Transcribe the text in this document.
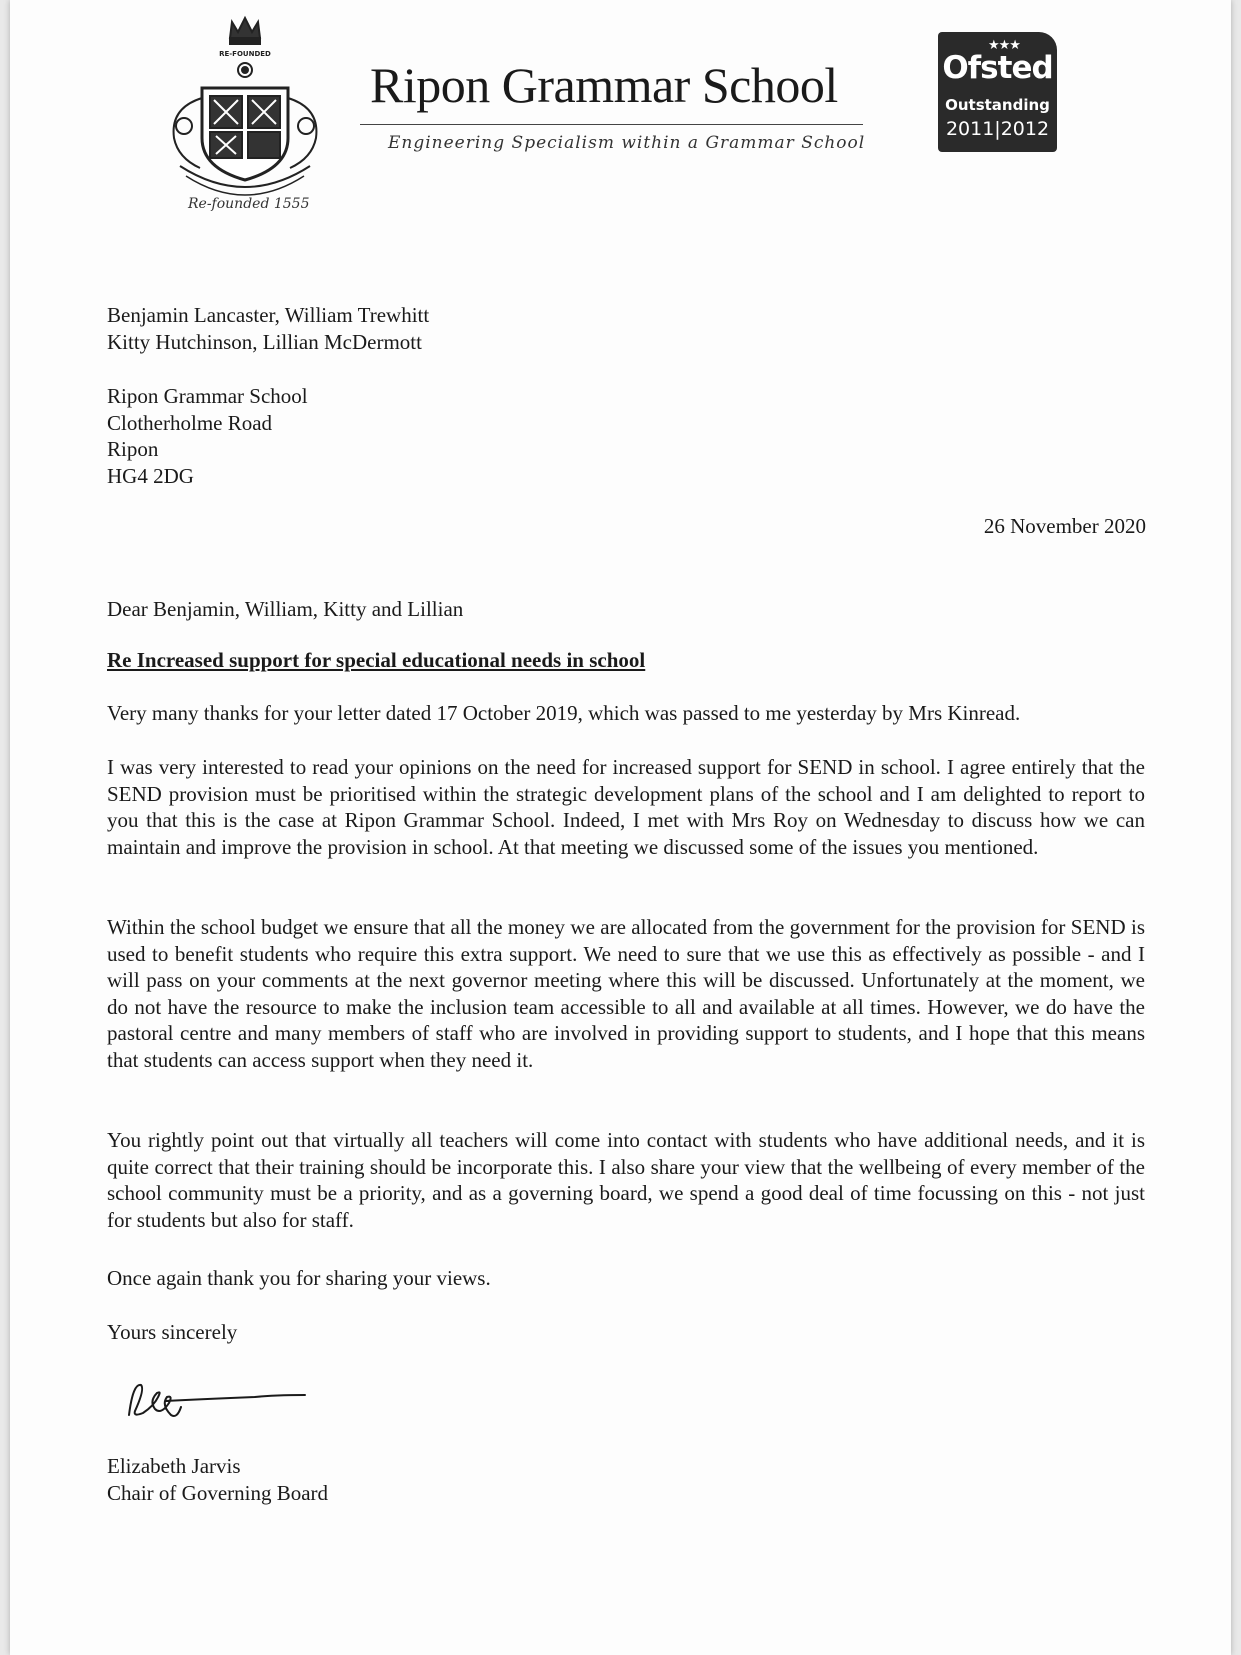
RE-FOUNDED
Re-founded 1555
Ripon Grammar School
Engineering Specialism within a Grammar School
★★★
Ofsted
Outstanding
2011|2012
Benjamin Lancaster, William Trewhitt
Kitty Hutchinson, Lillian McDermott
Ripon Grammar School
Clotherholme Road
Ripon
HG4 2DG
26 November 2020
Dear Benjamin, William, Kitty and Lillian
Re Increased support for special educational needs in school
Very many thanks for your letter dated 17 October 2019, which was passed to me yesterday by Mrs Kinread.
I was very interested to read your opinions on the need for increased support for SEND in school. I agree entirely that the SEND provision must be prioritised within the strategic development plans of the school and I am delighted to report to you that this is the case at Ripon Grammar School. Indeed, I met with Mrs Roy on Wednesday to discuss how we can maintain and improve the provision in school. At that meeting we discussed some of the issues you mentioned.
Within the school budget we ensure that all the money we are allocated from the government for the provision for SEND is used to benefit students who require this extra support. We need to sure that we use this as effectively as possible - and I will pass on your comments at the next governor meeting where this will be discussed. Unfortunately at the moment, we do not have the resource to make the inclusion team accessible to all and available at all times. However, we do have the pastoral centre and many members of staff who are involved in providing support to students, and I hope that this means that students can access support when they need it.
You rightly point out that virtually all teachers will come into contact with students who have additional needs, and it is quite correct that their training should be incorporate this. I also share your view that the wellbeing of every member of the school community must be a priority, and as a governing board, we spend a good deal of time focussing on this - not just for students but also for staff.
Once again thank you for sharing your views.
Yours sincerely
Elizabeth Jarvis
Chair of Governing Board
